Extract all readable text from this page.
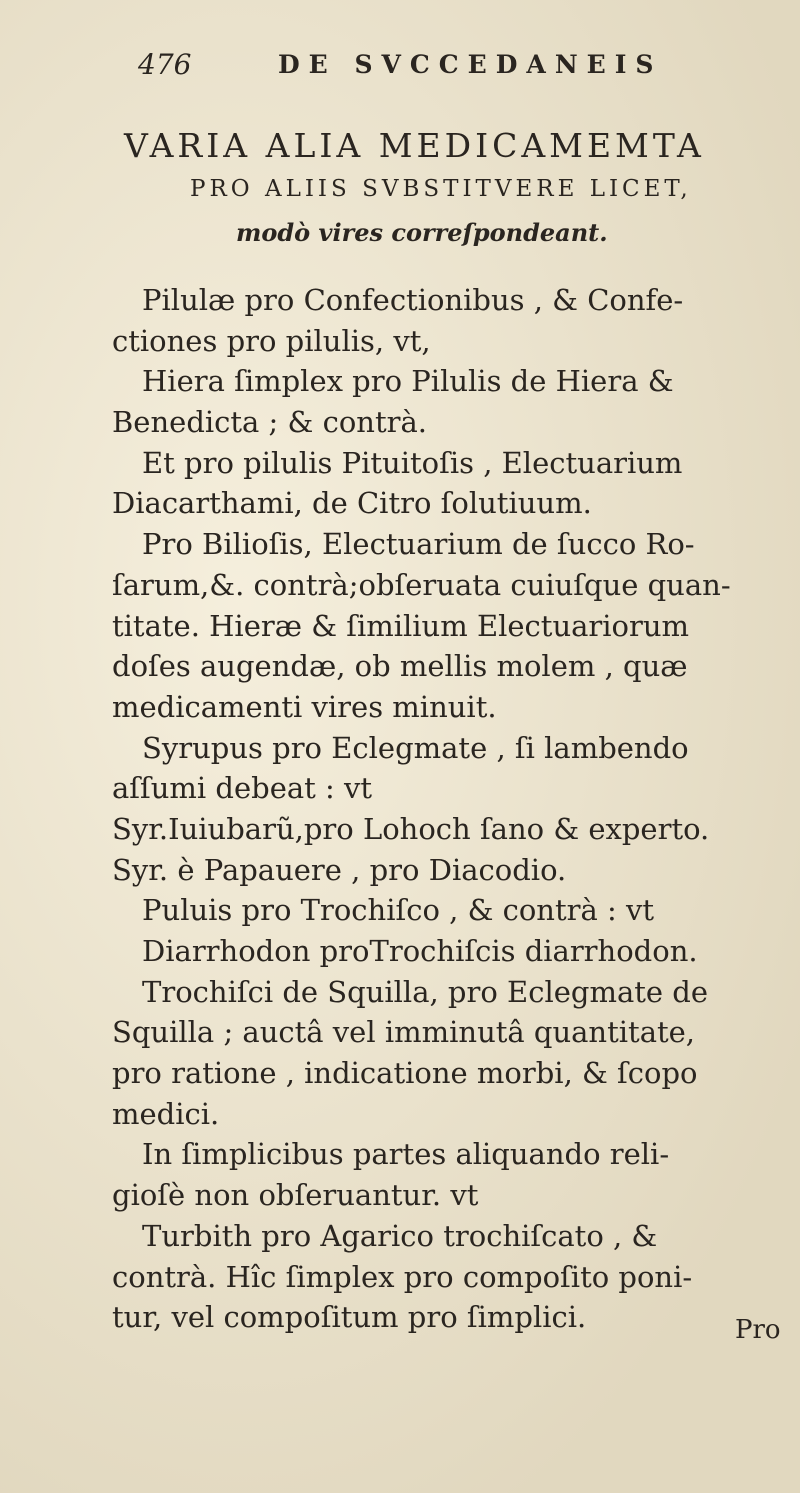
476	DE SVCCEDANEIS
VARIA ALIA MEDICAMEMTA
PRO ALIIS SVBSTITVERE LICET,
modò vires correſpondeant.
Pilulæ pro Confectionibus , & Confe-
ctiones pro pilulis, vt,
Hiera ſimplex pro Pilulis de Hiera &
Benedicta ; & contrà.
Et pro pilulis Pituitoſis , Electuarium
Diacarthami, de Citro ſolutiuum.
Pro Bilioſis, Electuarium de ſucco Ro-
ſarum,&. contrà;obſeruata cuiuſque quan-
titate. Hieræ & ſimilium Electuariorum
doſes augendæ, ob mellis molem , quæ
medicamenti vires minuit.
Syrupus pro Eclegmate , ſi lambendo
aſſumi debeat : vt
Syr.Iuiubarũ,pro Lohoch ſano & experto.
Syr. è Papauere , pro Diacodio.
Puluis pro Trochiſco , & contrà : vt
Diarrhodon proTrochiſcis diarrhodon.
Trochiſci de Squilla, pro Eclegmate de
Squilla ; auctâ vel imminutâ quantitate,
pro ratione , indicatione morbi, & ſcopo
medici.
In ſimplicibus partes aliquando reli-
gioſè non obſeruantur. vt
Turbith pro Agarico trochiſcato , &
contrà. Hîc ſimplex pro compoſito poni-
tur, vel compoſitum pro ſimplici.	Pro
